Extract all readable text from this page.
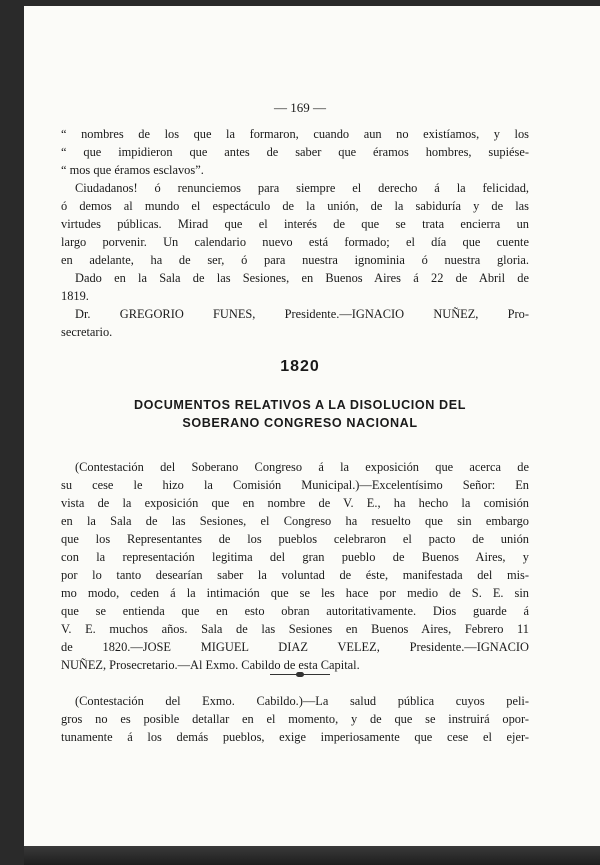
— 169 —
“ nombres de los que la formaron, cuando aun no existíamos, y los
“ que impidieron que antes de saber que éramos hombres, supiése-
“ mos que éramos esclavos”.
Ciudadanos! ó renunciemos para siempre el derecho á la felicidad,
ó demos al mundo el espectáculo de la unión, de la sabiduría y de las
virtudes públicas. Mirad que el interés de que se trata encierra un
largo porvenir. Un calendario nuevo está formado; el día que cuente
en adelante, ha de ser, ó para nuestra ignominia ó nuestra gloria.
Dado en la Sala de las Sesiones, en Buenos Aires á 22 de Abril de
1819.
Dr. GREGORIO FUNES, Presidente.—IGNACIO NUÑEZ, Pro-
secretario.
(Contestación del Soberano Congreso á la exposición que acerca de
su cese le hizo la Comisión Municipal.)—Excelentísimo Señor: En
vista de la exposición que en nombre de V. E., ha hecho la comisión
en la Sala de las Sesiones, el Congreso ha resuelto que sin embargo
que los Representantes de los pueblos celebraron el pacto de unión
con la representación legitima del gran pueblo de Buenos Aires, y
por lo tanto desearían saber la voluntad de éste, manifestada del mis-
mo modo, ceden á la intimación que se les hace por medio de S. E. sin
que se entienda que en esto obran autoritativamente. Dios guarde á
V. E. muchos años. Sala de las Sesiones en Buenos Aires, Febrero 11
de 1820.—JOSE MIGUEL DIAZ VELEZ, Presidente.—IGNACIO
NUÑEZ, Prosecretario.—Al Exmo. Cabildo de esta Capital.
(Contestación del Exmo. Cabildo.)—La salud pública cuyos peli-
gros no es posible detallar en el momento, y de que se instruirá opor-
tunamente á los demás pueblos, exige imperiosamente que cese el ejer-
1820
DOCUMENTOS RELATIVOS A LA DISOLUCION DEL
SOBERANO CONGRESO NACIONAL
